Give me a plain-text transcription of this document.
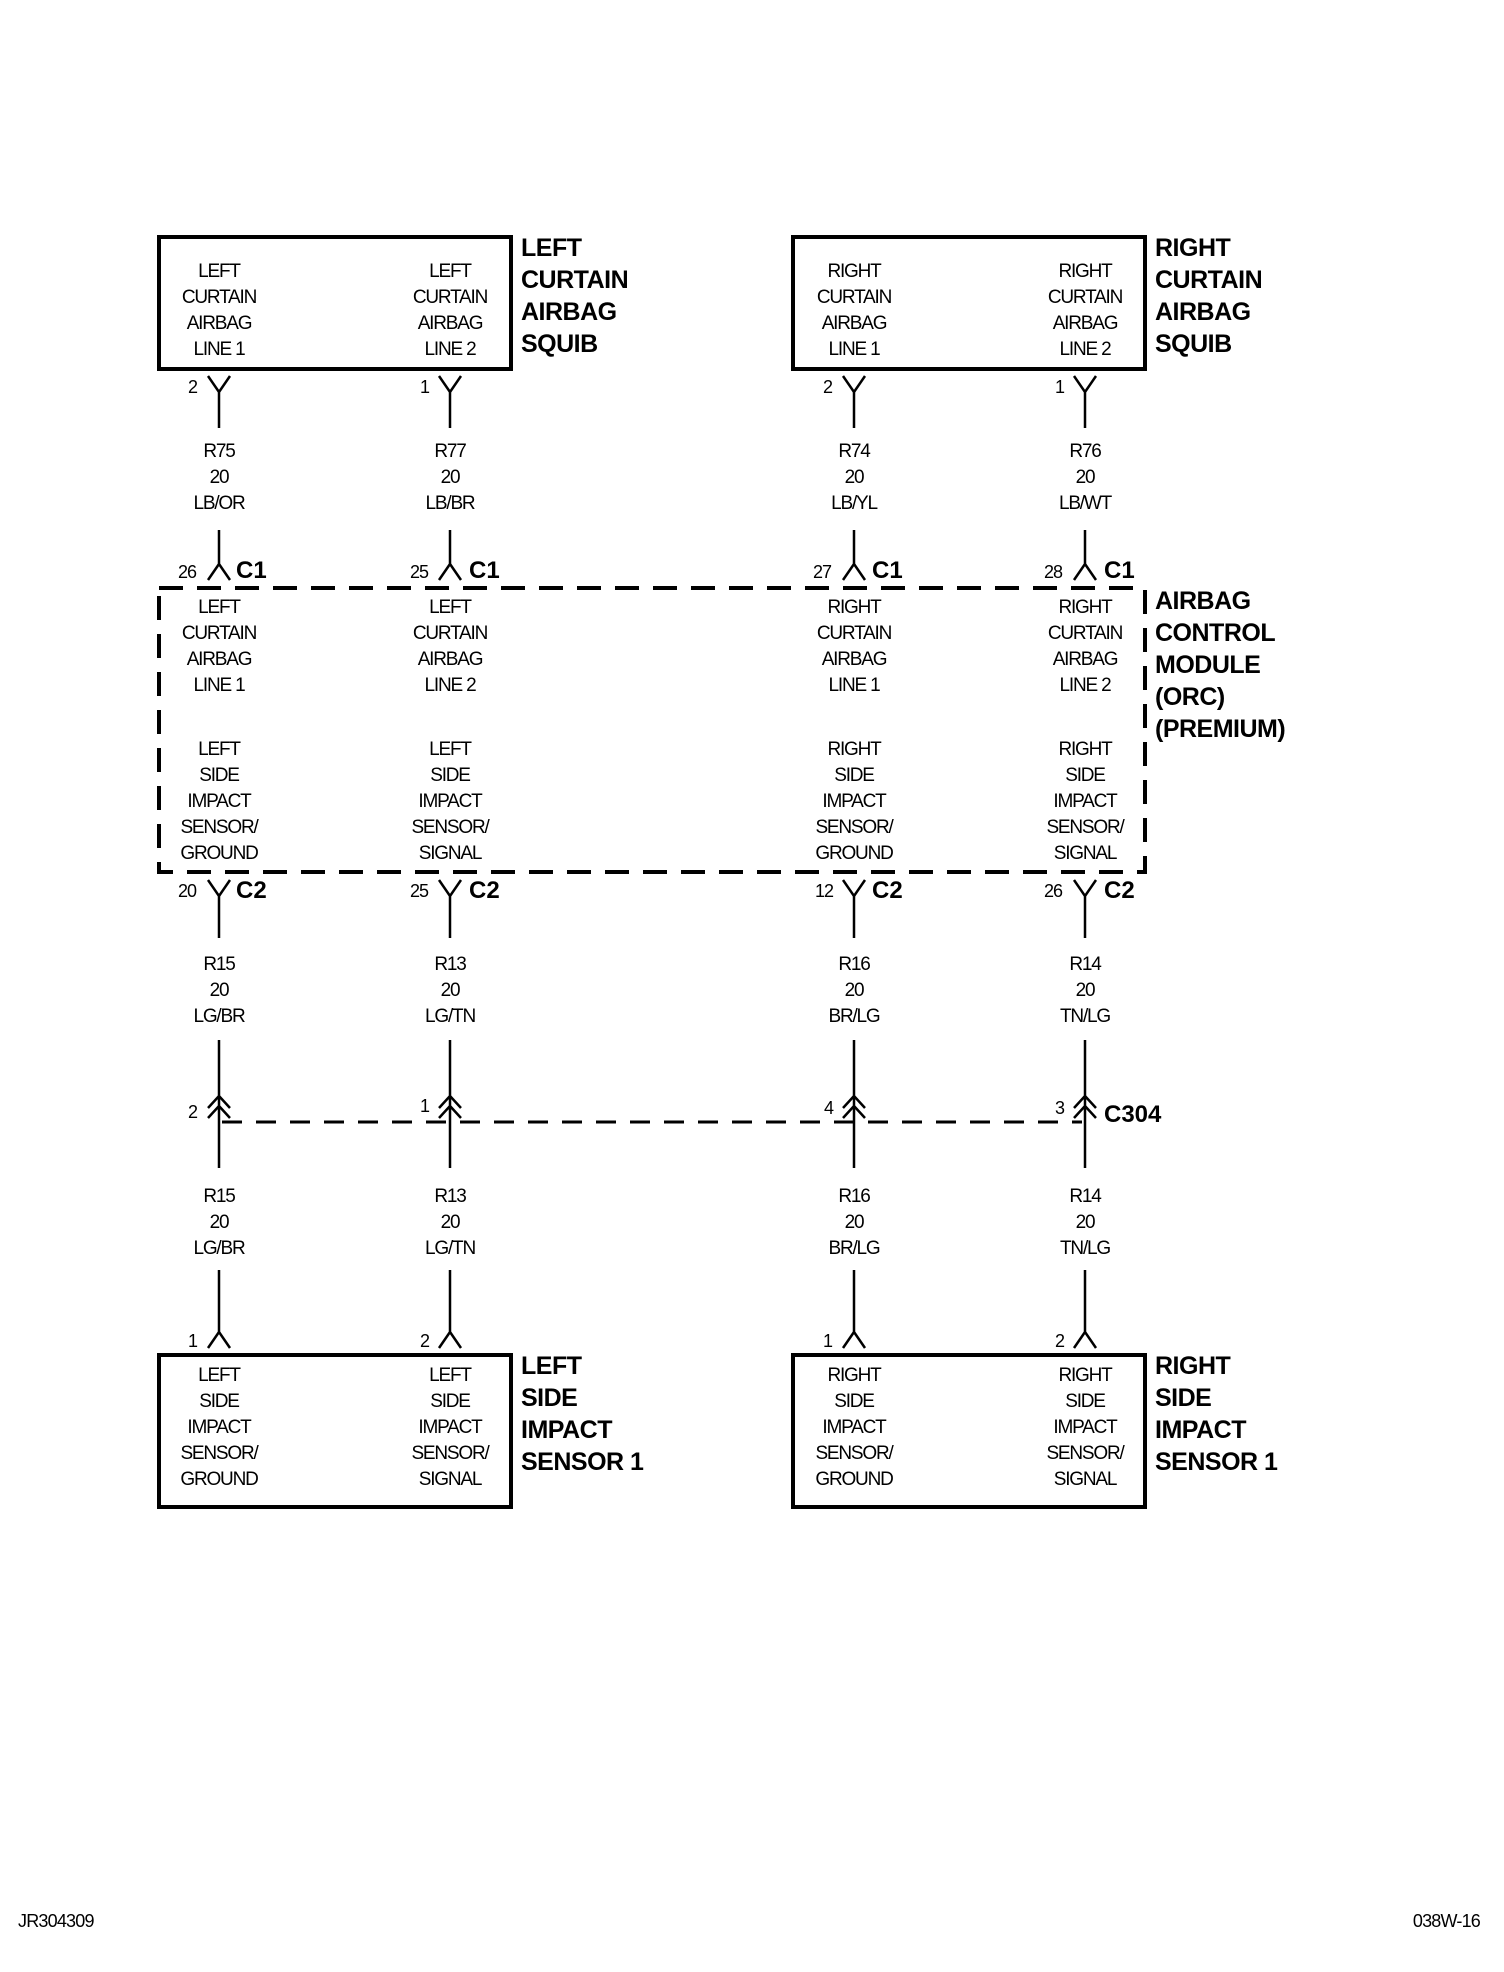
LEFT
CURTAIN
AIRBAG
LINE 1
LEFT
CURTAIN
AIRBAG
LINE 2
RIGHT
CURTAIN
AIRBAG
LINE 1
RIGHT
CURTAIN
AIRBAG
LINE 2
LEFT
CURTAIN
AIRBAG
SQUIB
RIGHT
CURTAIN
AIRBAG
SQUIB
AIRBAG
CONTROL
MODULE
(ORC)
(PREMIUM)
LEFT
SIDE
IMPACT
SENSOR 1
RIGHT
SIDE
IMPACT
SENSOR 1
LEFT
CURTAIN
AIRBAG
LINE 1
LEFT
CURTAIN
AIRBAG
LINE 2
RIGHT
CURTAIN
AIRBAG
LINE 1
RIGHT
CURTAIN
AIRBAG
LINE 2
LEFT
SIDE
IMPACT
SENSOR/
GROUND
LEFT
SIDE
IMPACT
SENSOR/
SIGNAL
RIGHT
SIDE
IMPACT
SENSOR/
GROUND
RIGHT
SIDE
IMPACT
SENSOR/
SIGNAL
LEFT
SIDE
IMPACT
SENSOR/
GROUND
LEFT
SIDE
IMPACT
SENSOR/
SIGNAL
RIGHT
SIDE
IMPACT
SENSOR/
GROUND
RIGHT
SIDE
IMPACT
SENSOR/
SIGNAL
2
R75
20
LB/OR
26 C1
1
R77
20
LB/BR
25 C1
2
R74
20
LB/YL
27 C1
1
R76
20
LB/WT
28 C1
20 C2
R15
20
LG/BR
2
R15
20
LG/BR
1
25 C2
R13
20
LG/TN
1
R13
20
LG/TN
2
12 C2
R16
20
BR/LG
4
R16
20
BR/LG
1
26 C2
R14
20
TN/LG
3
R14
20
TN/LG
2
C304
JR304309	038W-16
